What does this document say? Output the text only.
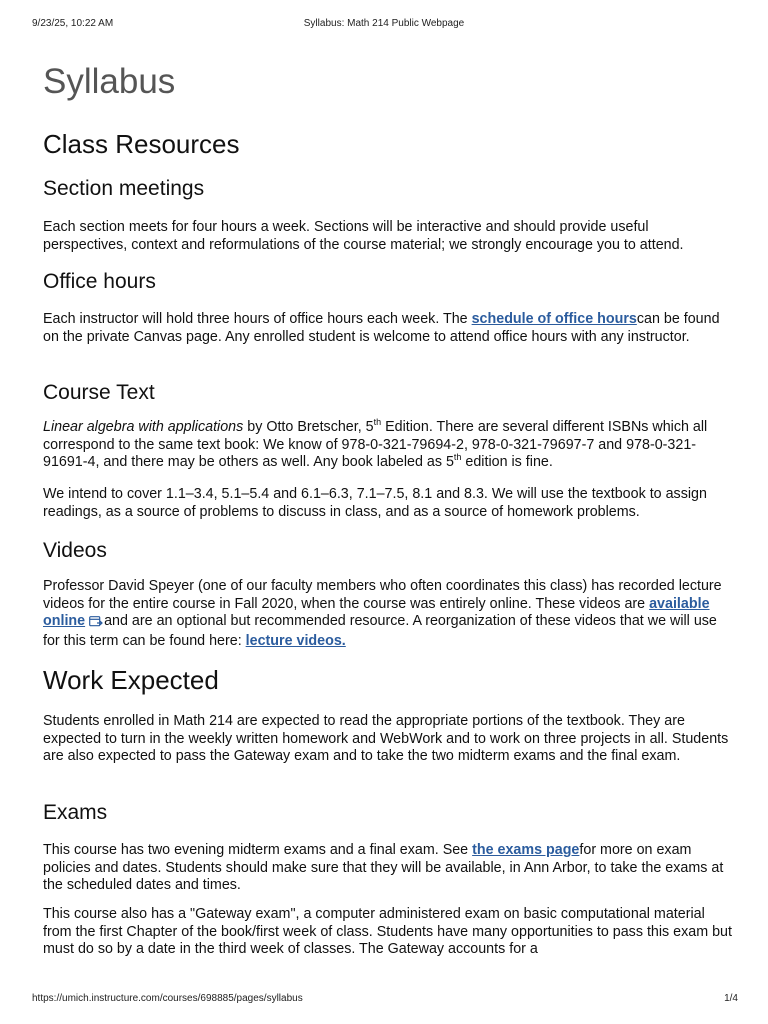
9/23/25, 10:22 AM	Syllabus: Math 214 Public Webpage
Syllabus
Class Resources
Section meetings

Each section meets for four hours a week. Sections will be interactive and should provide useful perspectives, context and reformulations of the course material; we strongly encourage you to attend.

Office hours

Each instructor will hold three hours of office hours each week. The schedule of office hourscan be found on the private Canvas page. Any enrolled student is welcome to attend office hours with any instructor.

Course Text

Linear algebra with applications by Otto Bretscher, 5th Edition. There are several different ISBNs which all correspond to the same text book: We know of 978-0-321-79694-2, 978-0-321-79697-7 and 978-0-321-91691-4, and there may be others as well. Any book labeled as 5th edition is fine.

We intend to cover 1.1–3.4, 5.1–5.4 and 6.1–6.3, 7.1–7.5, 8.1 and 8.3. We will use the textbook to assign readings, as a source of problems to discuss in class, and as a source of homework problems.

Videos

Professor David Speyer (one of our faculty members who often coordinates this class) has recorded lecture videos for the entire course in Fall 2020, when the course was entirely online. These videos are available online and are an optional but recommended resource. A reorganization of these videos that we will use for this term can be found here: lecture videos.

Work Expected

Students enrolled in Math 214 are expected to read the appropriate portions of the textbook. They are expected to turn in the weekly written homework and WebWork and to work on three projects in all. Students are also expected to pass the Gateway exam and to take the two midterm exams and the final exam.

Exams

This course has two evening midterm exams and a final exam. See the exams pagefor more on exam policies and dates. Students should make sure that they will be available, in Ann Arbor, to take the exams at the scheduled dates and times.

This course also has a "Gateway exam", a computer administered exam on basic computational material from the first Chapter of the book/first week of class. Students have many opportunities to pass this exam but must do so by a date in the third week of classes. The Gateway accounts for a

https://umich.instructure.com/courses/698885/pages/syllabus	1/4
